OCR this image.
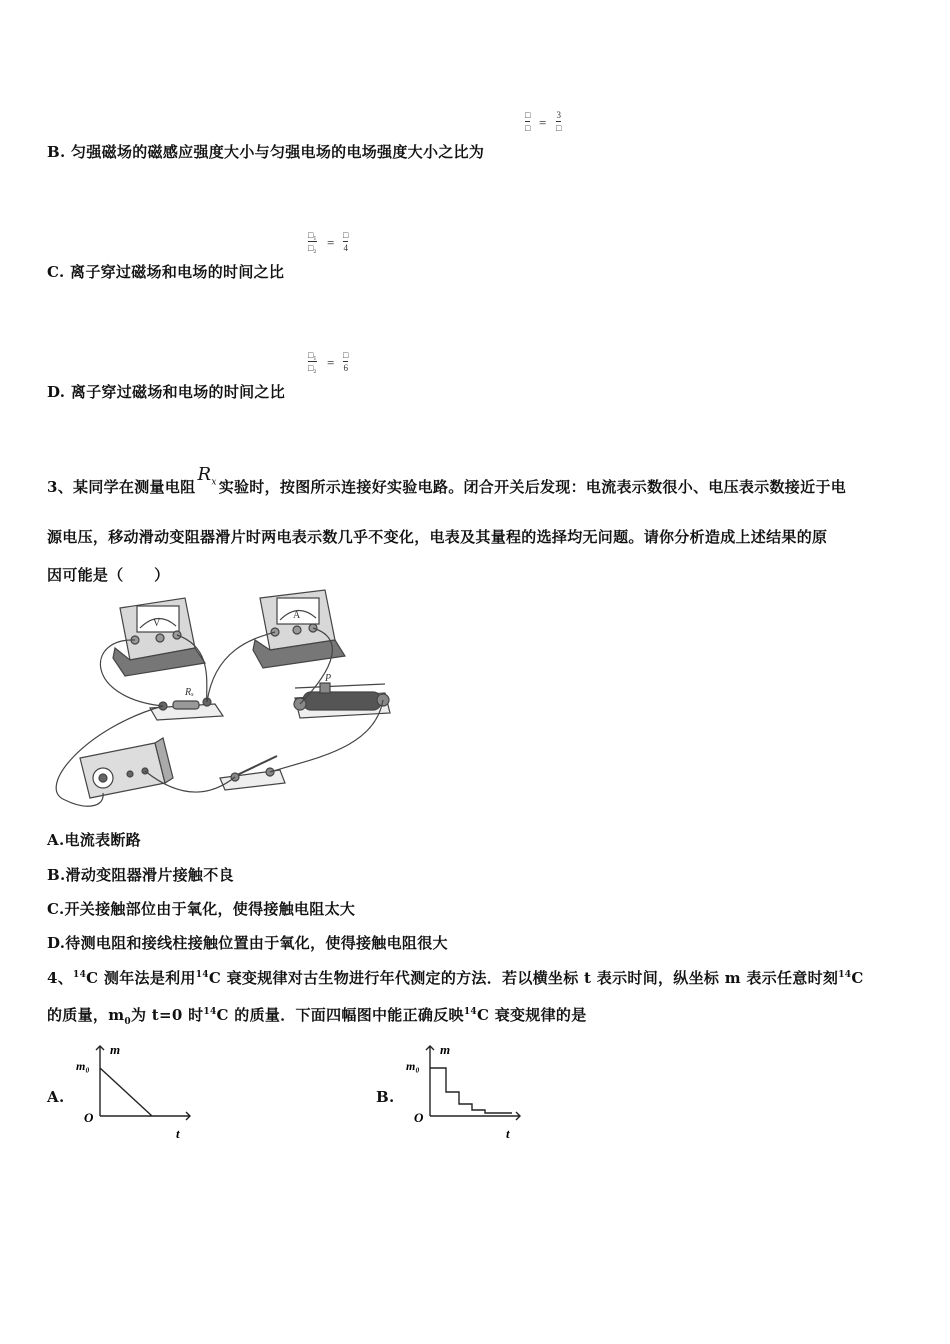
B. 匀强磁场的磁感应强度大小与匀强电场的电场强度大小之比为
□
□ = 3
□
C. 离子穿过磁场和电场的时间之比
□₁
□₂ = □
4
D. 离子穿过磁场和电场的时间之比
□₁
□₂ = □
6
3、某同学在测量电阻$R_x$ 实验时，按图所示连接好实验电路。闭合开关后发现：电流表示数很小、电压表示数接近于电
源电压，移动滑动变阻器滑片时两电表示数几乎不变化，电表及其量程的选择均无问题。请你分析造成上述结果的原
因可能是（　　）
Rₓ
P
V
A
A.电流表断路
B.滑动变阻器滑片接触不良
C.开关接触部位由于氧化，使得接触电阻太大
D.待测电阻和接线柱接触位置由于氧化，使得接触电阻很大
4、$^{14}$C 测年法是利用$^{14}$C 衰变规律对古生物进行年代测定的方法．若以横坐标 t 表示时间，纵坐标 m 表示任意时刻$^{14}$C
的质量，$m_0$为 t=0 时$^{14}$C 的质量．下面四幅图中能正确反映$^{14}$C 衰变规律的是
A.
m
t
O
m₀
B.
m
t
O
m₀
